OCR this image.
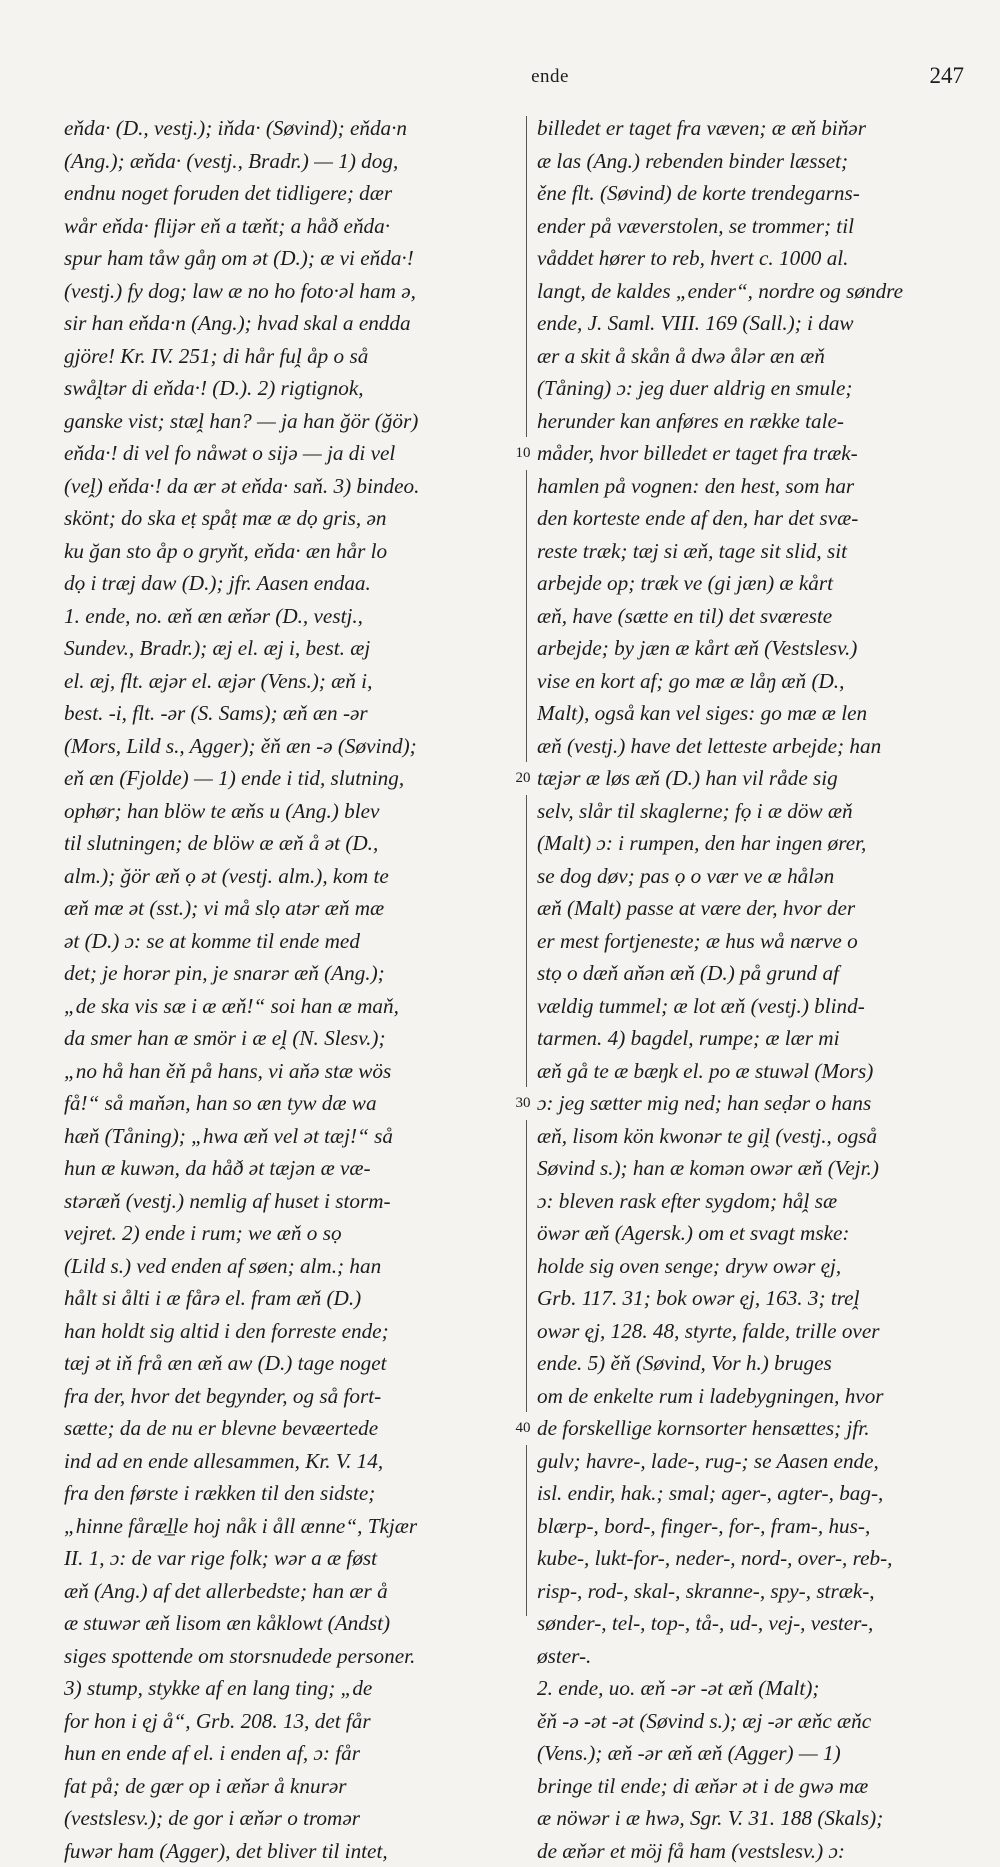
ende	247
eňda· (D., vestj.); iňda· (Søvind); eňda·n
(Ang.); æňda· (vestj., Bradr.) — 1) dog,
endnu noget foruden det tidligere; dær
wår eňda· flijər eň a tæňt; a håð eňda·
spur ham tåw gåŋ om ət (D.); æ vi eňda·!
(vestj.) fy dog; law æ no ho foto·əl ham ə,
sir han eňda·n (Ang.); hvad skal a endda
gjöre! Kr. IV. 251; di hår fuḽ åp o så
swåḽtər di eňda·! (D.). 2) rigtignok,
ganske vist; stæḽ han? — ja han ğör (ğör)
eňda·! di vel fo nåwət o sijə — ja di vel
(veḽ) eňda·! da ær ət eňda· saň. 3) bindeo.
skönt; do ska eṭ spåṭ mæ æ dọ gris, ən
ku ğan sto åp o gryňt, eňda· æn hår lo
dọ i træj daw (D.); jfr. Aasen endaa.
1. ende, no. æň æn æňər (D., vestj.,
Sundev., Bradr.); æj el. æj i, best. æj
el. æj, flt. æjər el. æjər (Vens.); æň i,
best. -i, flt. -ər (S. Sams); æň æn -ər
(Mors, Lild s., Agger); ěň æn -ə (Søvind);
eň æn (Fjolde) — 1) ende i tid, slutning,
ophør; han blöw te æňs u (Ang.) blev
til slutningen; de blöw æ æň å ət (D.,
alm.); ğör æň ọ ət (vestj. alm.), kom te
æň mæ ət (sst.); vi må slọ atər æň mæ
ət (D.) ɔ: se at komme til ende med
det; je horər pin, je snarər æň (Ang.);
„de ska vis sæ i æ æň!“ soi han æ maň,
da smer han æ smör i æ eḽ (N. Slesv.);
„no hå han ěň på hans, vi aňə stæ wös
få!“ så maňən, han so æn tyw dæ wa
hæň (Tåning); „hwa æň vel ət tæj!“ så
hun æ kuwən, da håð ət tæjən æ væ-
stəræň (vestj.) nemlig af huset i storm-
vejret. 2) ende i rum; we æň o sọ
(Lild s.) ved enden af søen; alm.; han
hålt si ålti i æ fårə el. fram æň (D.)
han holdt sig altid i den forreste ende;
tæj ət iň frå æn æň aw (D.) tage noget
fra der, hvor det begynder, og så fort-
sætte; da de nu er blevne bevæertede
ind ad en ende allesammen, Kr. V. 14,
fra den første i rækken til den sidste;
„hinne fåræl̲le hoj nåk i åll ænne“, Tkjær
II. 1, ɔ: de var rige folk; wər a æ føst
æň (Ang.) af det allerbedste; han ær å
æ stuwər æň lisom æn kåklowt (Andst)
siges spottende om storsnudede personer.
3) stump, stykke af en lang ting; „de
for hon i ęj å“, Grb. 208. 13, det får
hun en ende af el. i enden af, ɔ: får
fat på; de gær op i æňər å knurər
(vestslesv.); de gor i æňər o tromər
fuwər ham (Agger), det bliver til intet,
billedet er taget fra væven; æ æň biňər
æ las (Ang.) rebenden binder læsset;
ěne flt. (Søvind) de korte trendegarns-
ender på væverstolen, se trommer; til
våddet hører to reb, hvert c. 1000 al.
langt, de kaldes „ender“, nordre og søndre
ende, J. Saml. VIII. 169 (Sall.); i daw
ær a skit å skån å dwə ålər æn æň
(Tåning) ɔ: jeg duer aldrig en smule;
herunder kan anføres en række tale-
måder, hvor billedet er taget fra træk-
hamlen på vognen: den hest, som har
den korteste ende af den, har det svæ-
reste træk; tæj si æň, tage sit slid, sit
arbejde op; træk ve (gi jæn) æ kårt
æň, have (sætte en til) det sværeste
arbejde; by jæn æ kårt æň (Vestslesv.)
vise en kort af; go mæ æ låŋ æň (D.,
Malt), også kan vel siges: go mæ æ len
æň (vestj.) have det letteste arbejde; han
tæjər æ løs æň (D.) han vil råde sig
selv, slår til skaglerne; fọ i æ döw æň
(Malt) ɔ: i rumpen, den har ingen ører,
se dog døv; pas ọ o vær ve æ hålən
æň (Malt) passe at være der, hvor der
er mest fortjeneste; æ hus wå nærve o
stọ o dæň aňən æň (D.) på grund af
vældig tummel; æ lot æň (vestj.) blind-
tarmen. 4) bagdel, rumpe; æ lær mi
æň gå te æ bæŋk el. po æ stuwəl (Mors)
ɔ: jeg sætter mig ned; han seḍər o hans
æň, lisom kön kwonər te giḽ (vestj., også
Søvind s.); han æ komən owər æň (Vejr.)
ɔ: bleven rask efter sygdom; håḽ sæ
öwər æň (Agersk.) om et svagt mske:
holde sig oven senge; dryw owər ęj,
Grb. 117. 31; bok owər ęj, 163. 3; treḽ
owər ęj, 128. 48, styrte, falde, trille over
ende. 5) ěň (Søvind, Vor h.) bruges
om de enkelte rum i ladebygningen, hvor
de forskellige kornsorter hensættes; jfr.
gulv; havre-, lade-, rug-; se Aasen ende,
isl. endir, hak.; smal; ager-, agter-, bag-,
blærp-, bord-, finger-, for-, fram-, hus-,
kube-, lukt-for-, neder-, nord-, over-, reb-,
risp-, rod-, skal-, skranne-, spy-, stræk-,
sønder-, tel-, top-, tå-, ud-, vej-, vester-,
øster-.
2. ende, uo. æň -ər -ət æň (Malt);
ěň -ə -ət -ət (Søvind s.); æj -ər æňc æňc
(Vens.); æň -ər æň æň (Agger) — 1)
bringe til ende; di æňər ət i de gwə mæ
æ nöwər i æ hwə, Sgr. V. 31. 188 (Skals);
de æňər et möj få ham (vestslesv.) ɔ:
10
20
30
40
